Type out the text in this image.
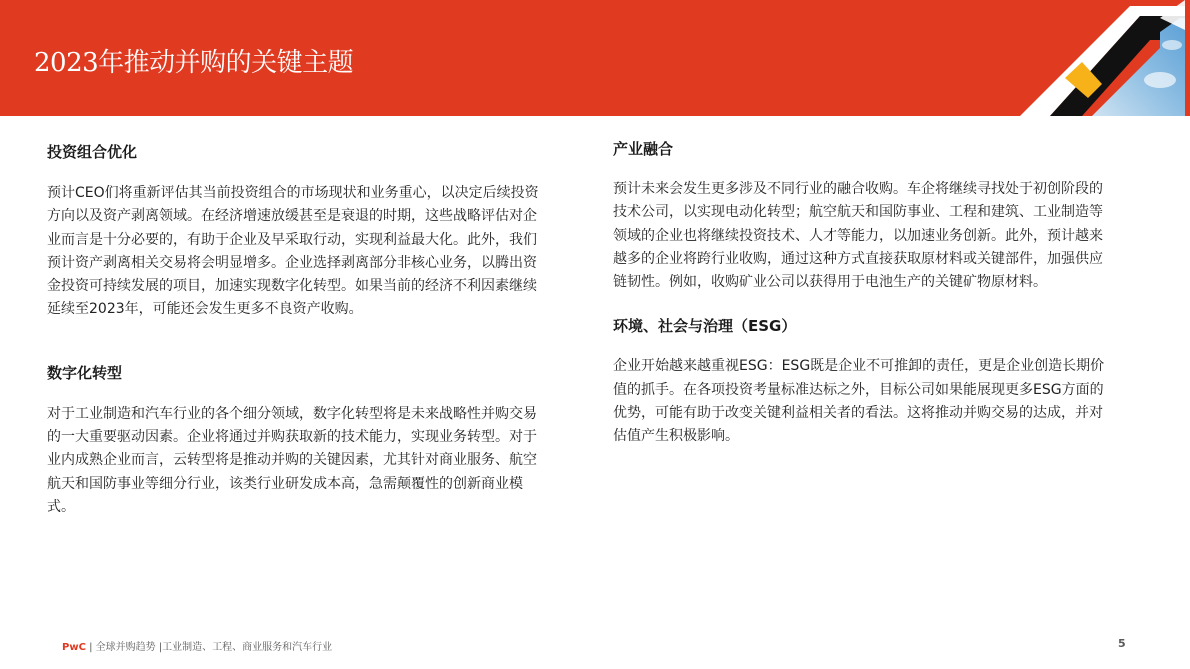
2023年推动并购的关键主题
投资组合优化

预计CEO们将重新评估其当前投资组合的市场现状和业务重心，以决定后续投资方向以及资产剥离领域。在经济增速放缓甚至是衰退的时期，这些战略评估对企业而言是十分必要的，有助于企业及早采取行动，实现利益最大化。此外，我们预计资产剥离相关交易将会明显增多。企业选择剥离部分非核心业务，以腾出资金投资可持续发展的项目，加速实现数字化转型。如果当前的经济不利因素继续延续至2023年，可能还会发生更多不良资产收购。

数字化转型

对于工业制造和汽车行业的各个细分领域，数字化转型将是未来战略性并购交易的一大重要驱动因素。企业将通过并购获取新的技术能力，实现业务转型。对于业内成熟企业而言，云转型将是推动并购的关键因素，尤其针对商业服务、航空航天和国防事业等细分行业，该类行业研发成本高，急需颠覆性的创新商业模式。

产业融合

预计未来会发生更多涉及不同行业的融合收购。车企将继续寻找处于初创阶段的技术公司，以实现电动化转型；航空航天和国防事业、工程和建筑、工业制造等领域的企业也将继续投资技术、人才等能力，以加速业务创新。此外，预计越来越多的企业将跨行业收购，通过这种方式直接获取原材料或关键部件，加强供应链韧性。例如，收购矿业公司以获得用于电池生产的关键矿物原材料。

环境、社会与治理（ESG）

企业开始越来越重视ESG：ESG既是企业不可推卸的责任，更是企业创造长期价值的抓手。在各项投资考量标准达标之外，目标公司如果能展现更多ESG方面的优势，可能有助于改变关键利益相关者的看法。这将推动并购交易的达成，并对估值产生积极影响。

PwC | 全球并购趋势 |工业制造、工程、商业服务和汽车行业	5
